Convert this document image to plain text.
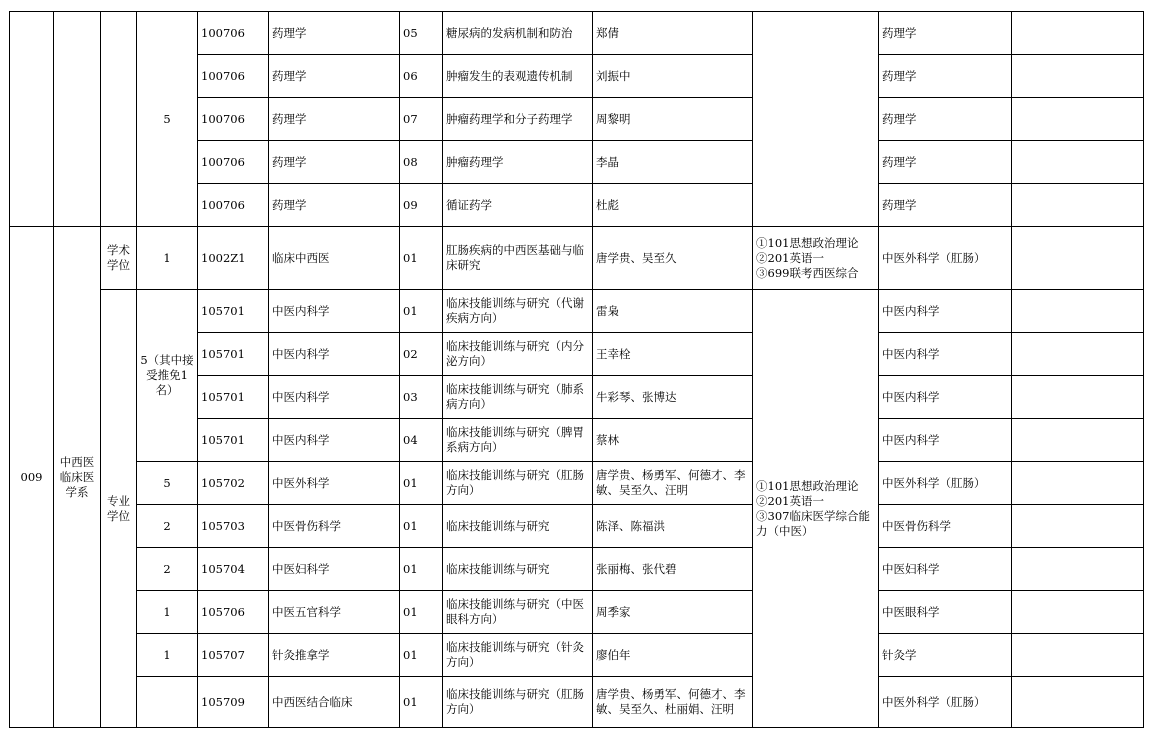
			5	100706	药理学	05	糖尿病的发病机制和防治	郑倩		药理学	
				100706	药理学	06	肿瘤发生的表观遗传机制	刘振中		药理学	
				100706	药理学	07	肿瘤药理学和分子药理学	周黎明		药理学	
				100706	药理学	08	肿瘤药理学	李晶		药理学	
				100706	药理学	09	循证药学	杜彪		药理学	
009	中西医临床医学系	学术学位	1	1002Z1	临床中西医	01	肛肠疾病的中西医基础与临床研究	唐学贵、吴至久	①101思想政治理论
②201英语一
③699联考西医综合	中医外科学（肛肠）	
		专业学位	5（其中接受推免1名）	105701	中医内科学	01	临床技能训练与研究（代谢疾病方向）	雷枭	①101思想政治理论
②201英语一
③307临床医学综合能力（中医）	中医内科学	
				105701	中医内科学	02	临床技能训练与研究（内分泌方向）	王幸栓		中医内科学	
				105701	中医内科学	03	临床技能训练与研究（肺系病方向）	牛彩琴、张博达		中医内科学	
				105701	中医内科学	04	临床技能训练与研究（脾胃系病方向）	蔡林		中医内科学	
			5	105702	中医外科学	01	临床技能训练与研究（肛肠方向）	唐学贵、杨勇军、何德才、李敏、吴至久、汪明		中医外科学（肛肠）	
			2	105703	中医骨伤科学	01	临床技能训练与研究	陈泽、陈福洪		中医骨伤科学	
			2	105704	中医妇科学	01	临床技能训练与研究	张丽梅、张代碧		中医妇科学	
			1	105706	中医五官科学	01	临床技能训练与研究（中医眼科方向）	周季家		中医眼科学	
			1	105707	针灸推拿学	01	临床技能训练与研究（针灸方向）	廖伯年		针灸学	
				105709	中西医结合临床	01	临床技能训练与研究（肛肠方向）	唐学贵、杨勇军、何德才、李敏、吴至久、杜丽娟、汪明		中医外科学（肛肠）	
